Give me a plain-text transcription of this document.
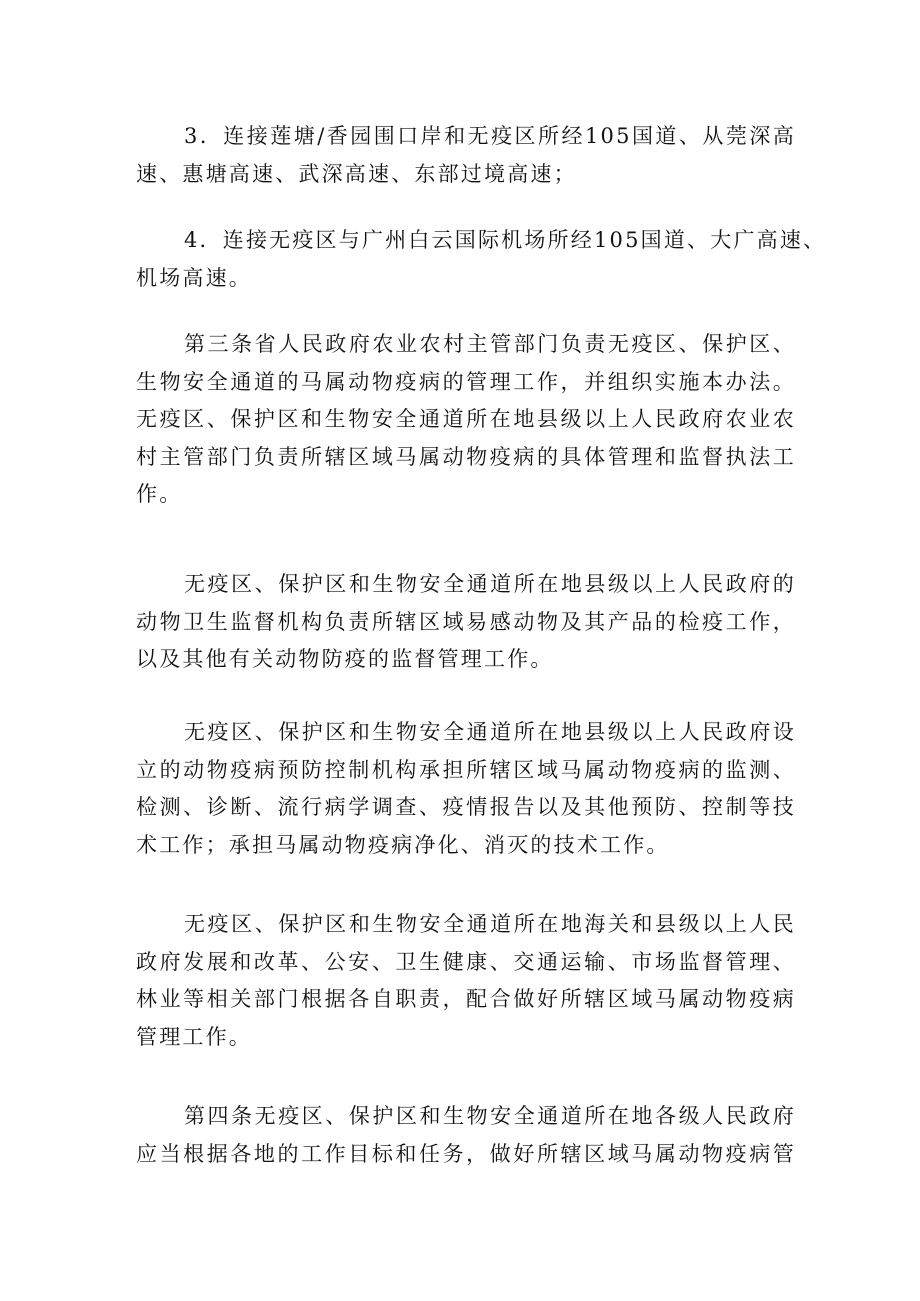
3．连接莲塘/香园围口岸和无疫区所经105国道、从莞深高
速、惠塘高速、武深高速、东部过境高速；
4．连接无疫区与广州白云国际机场所经105国道、大广高速、
机场高速。
第三条省人民政府农业农村主管部门负责无疫区、保护区、
生物安全通道的马属动物疫病的管理工作，并组织实施本办法。
无疫区、保护区和生物安全通道所在地县级以上人民政府农业农
村主管部门负责所辖区域马属动物疫病的具体管理和监督执法工
作。
无疫区、保护区和生物安全通道所在地县级以上人民政府的
动物卫生监督机构负责所辖区域易感动物及其产品的检疫工作，
以及其他有关动物防疫的监督管理工作。
无疫区、保护区和生物安全通道所在地县级以上人民政府设
立的动物疫病预防控制机构承担所辖区域马属动物疫病的监测、
检测、诊断、流行病学调查、疫情报告以及其他预防、控制等技
术工作；承担马属动物疫病净化、消灭的技术工作。
无疫区、保护区和生物安全通道所在地海关和县级以上人民
政府发展和改革、公安、卫生健康、交通运输、市场监督管理、
林业等相关部门根据各自职责，配合做好所辖区域马属动物疫病
管理工作。
第四条无疫区、保护区和生物安全通道所在地各级人民政府
应当根据各地的工作目标和任务，做好所辖区域马属动物疫病管
